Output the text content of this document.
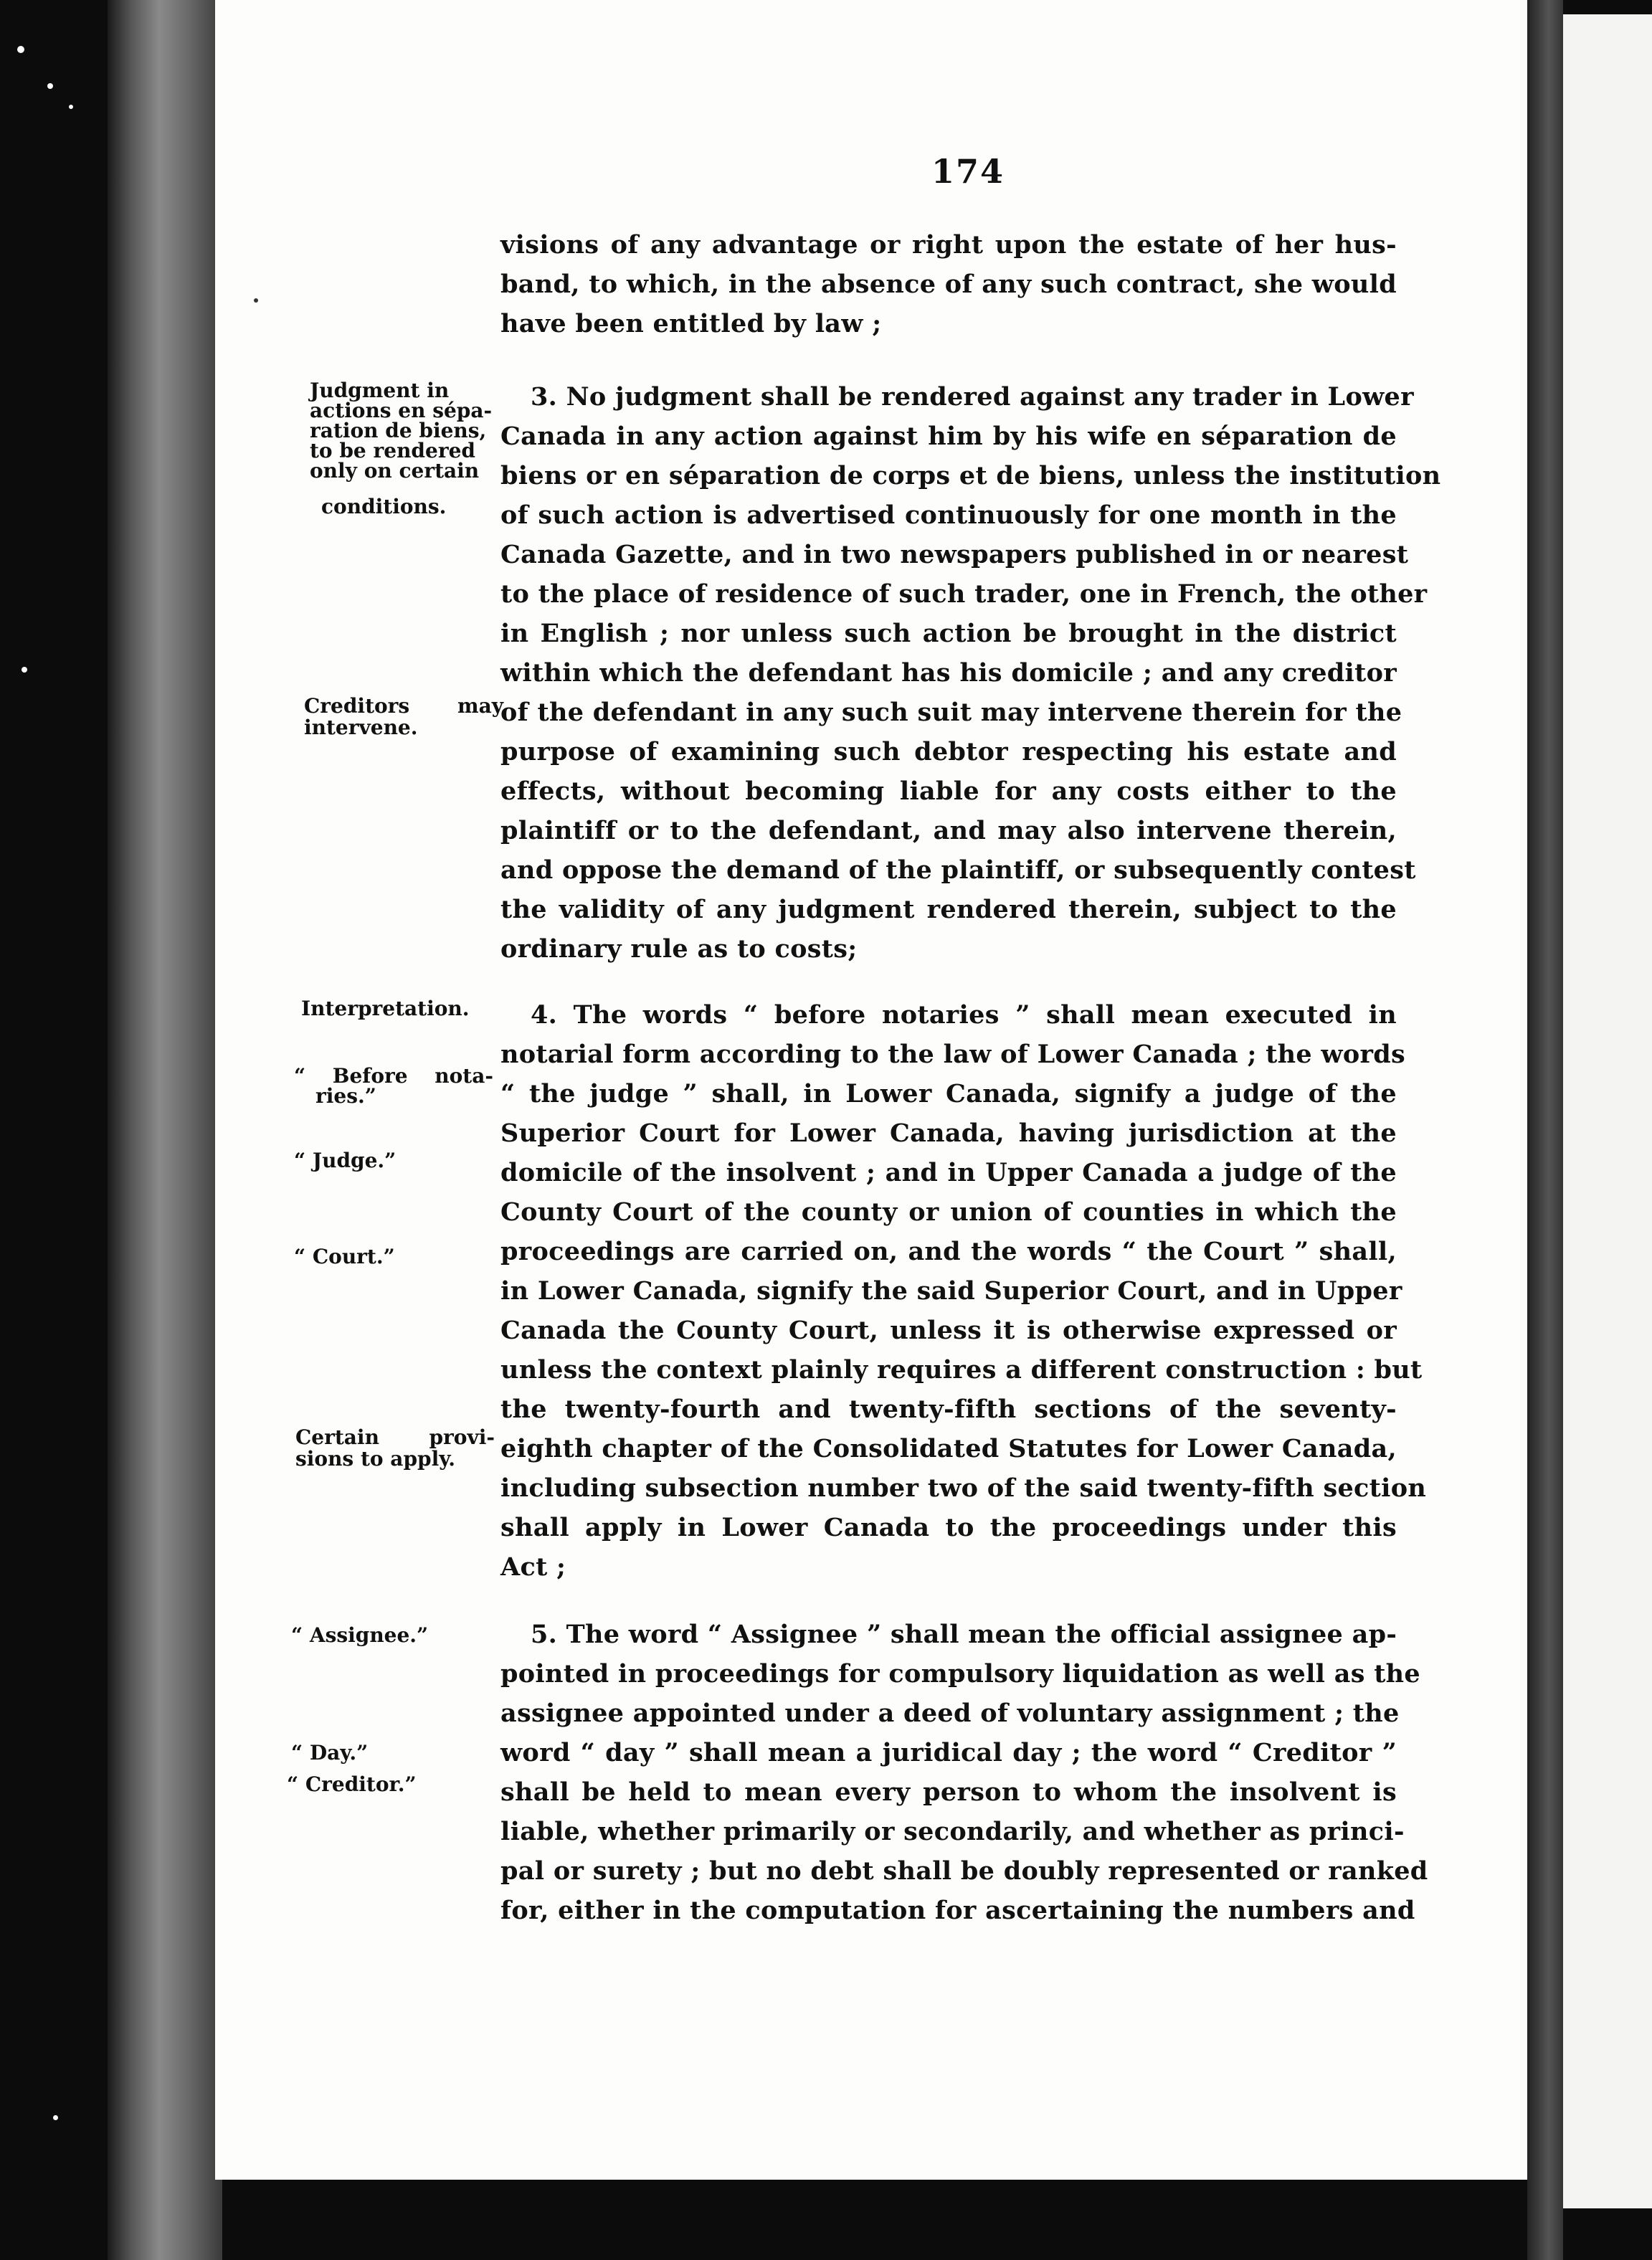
174
visions of any advantage or right upon the estate of her hus-
band, to which, in the absence of any such contract, she would
have been entitled by law ;
3. No judgment shall be rendered against any trader in Lower
Canada in any action against him by his wife en séparation de
biens or en séparation de corps et de biens, unless the institution
of such action is advertised continuously for one month in the
Canada Gazette, and in two newspapers published in or nearest
to the place of residence of such trader, one in French, the other
in English ; nor unless such action be brought in the district
within which the defendant has his domicile ; and any creditor
of the defendant in any such suit may intervene therein for the
purpose of examining such debtor respecting his estate and
effects, without becoming liable for any costs either to the
plaintiff or to the defendant, and may also intervene therein,
and oppose the demand of the plaintiff, or subsequently contest
the validity of any judgment rendered therein, subject to the
ordinary rule as to costs;
4. The words “ before notaries ” shall mean executed in
notarial form according to the law of Lower Canada ; the words
“ the judge ” shall, in Lower Canada, signify a judge of the
Superior Court for Lower Canada, having jurisdiction at the
domicile of the insolvent ; and in Upper Canada a judge of the
County Court of the county or union of counties in which the
proceedings are carried on, and the words “ the Court ” shall,
in Lower Canada, signify the said Superior Court, and in Upper
Canada the County Court, unless it is otherwise expressed or
unless the context plainly requires a different construction : but
the twenty-fourth and twenty-fifth sections of the seventy-
eighth chapter of the Consolidated Statutes for Lower Canada,
including subsection number two of the said twenty-fifth section
shall apply in Lower Canada to the proceedings under this
Act ;
5. The word “ Assignee ” shall mean the official assignee ap-
pointed in proceedings for compulsory liquidation as well as the
assignee appointed under a deed of voluntary assignment ; the
word “ day ” shall mean a juridical day ; the word “ Creditor ”
shall be held to mean every person to whom the insolvent is
liable, whether primarily or secondarily, and whether as princi-
pal or surety ; but no debt shall be doubly represented or ranked
for, either in the computation for ascertaining the numbers and
Judgment in
actions en sépa-
ration de biens,
to be rendered
only on certain
conditions.
Creditors may
intervene.
Interpretation.
“ Before nota-
ries.”
“ Judge.”
“ Court.”
Certain provi-
sions to apply.
“ Assignee.”
“ Day.”
“ Creditor.”
